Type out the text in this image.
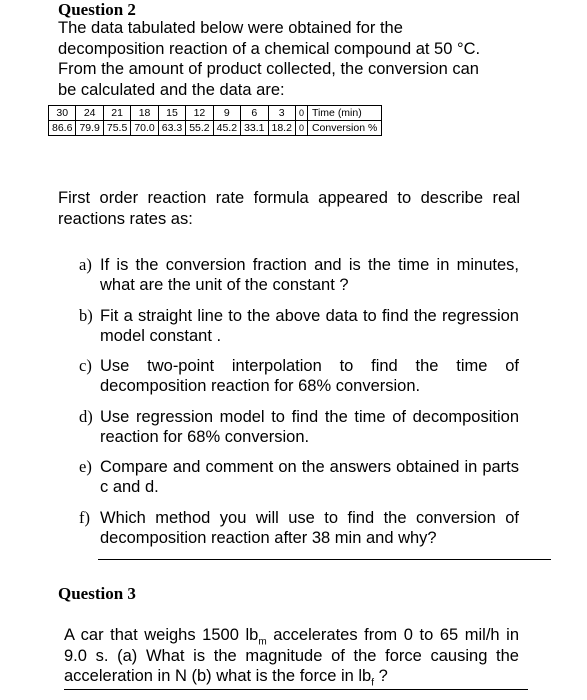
Question 2

The data tabulated below were obtained for the

decomposition reaction of a chemical compound at 50 °C.

From the amount of product collected, the conversion can

be calculated and the data are:

30	24	21	18	15	12	9	6	3	0	Time (min)
86.6	79.9	75.5	70.0	63.3	55.2	45.2	33.1	18.2	0	Conversion %

First order reaction rate formula appeared to describe real reactions rates as:

a) If is the conversion fraction and is the time in minutes, what are the unit of the constant ?
b) Fit a straight line to the above data to find the regression model constant .
c) Use two-point interpolation to find the time of decomposition reaction for 68% conversion.
d) Use regression model to find the time of decomposition reaction for 68% conversion.
e) Compare and comment on the answers obtained in parts c and d.
f) Which method you will use to find the conversion of decomposition reaction after 38 min and why?
Question 3

A car that weighs 1500 $lb_m$ accelerates from 0 to 65 mil/h in 9.0 s. (a) What is the magnitude of the force causing the acceleration in N (b) what is the force in $lb_f$ ?
